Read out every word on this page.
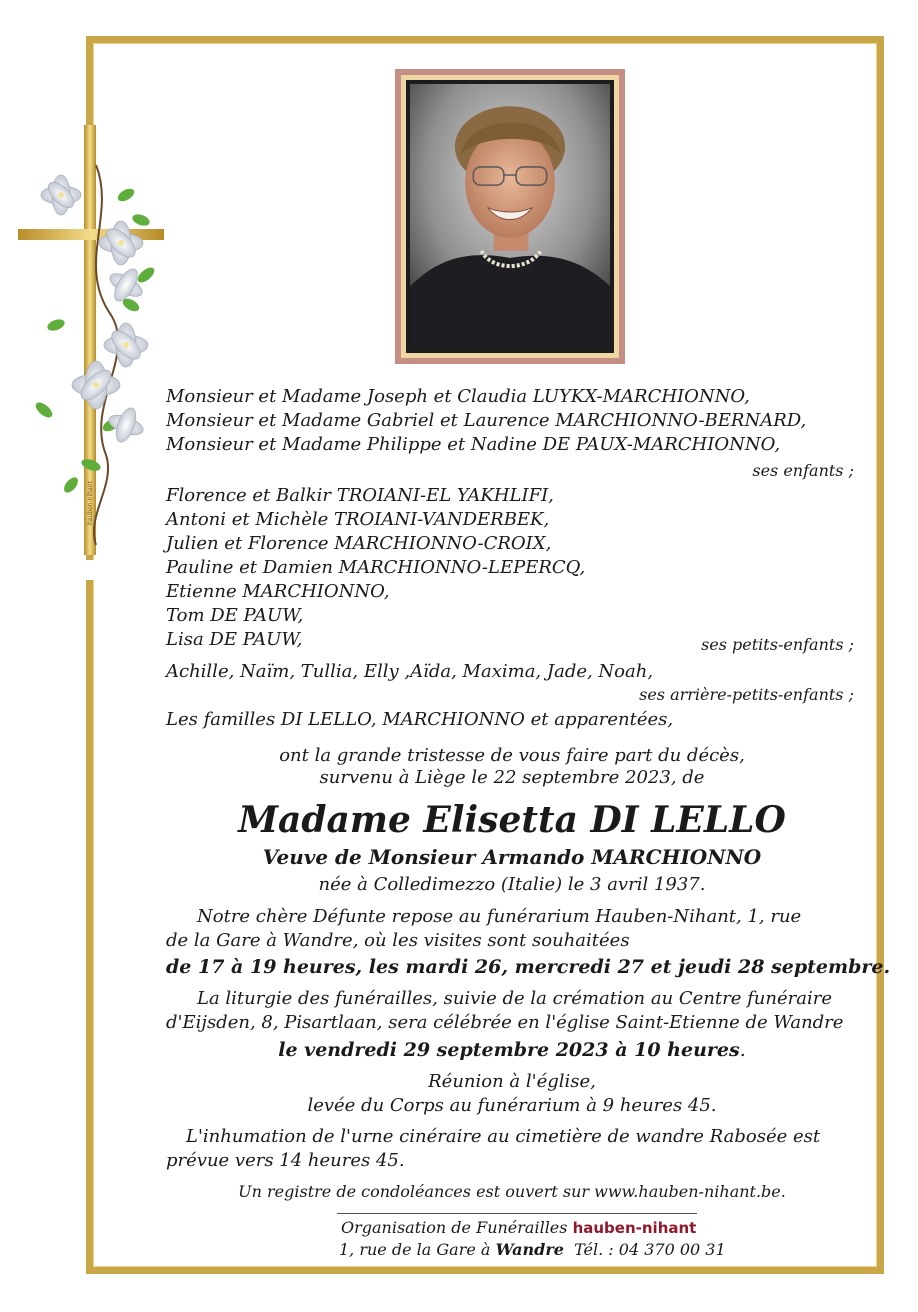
hauben-nihant
Monsieur et Madame Joseph et Claudia LUYKX-MARCHIONNO,
Monsieur et Madame Gabriel et Laurence MARCHIONNO-BERNARD,
Monsieur et Madame Philippe et Nadine DE PAUX-MARCHIONNO,
ses enfants ;
Florence et Balkir TROIANI-EL YAKHLIFI,
Antoni et Michèle TROIANI-VANDERBEK,
Julien et Florence MARCHIONNO-CROIX,
Pauline et Damien MARCHIONNO-LEPERCQ,
Etienne MARCHIONNO,
Tom DE PAUW,
Lisa DE PAUW,	ses petits-enfants ;
Achille, Naïm, Tullia, Elly ,Aïda, Maxima, Jade, Noah,
ses arrière-petits-enfants ;
Les familles DI LELLO, MARCHIONNO et apparentées,
ont la grande tristesse de vous faire part du décès,
survenu à Liège le 22 septembre 2023, de
Madame Elisetta DI LELLO
Veuve de Monsieur Armando MARCHIONNO
née à Colledimezzo (Italie) le 3 avril 1937.
Notre chère Défunte repose au funérarium Hauben-Nihant, 1, rue
de la Gare à Wandre, où les visites sont souhaitées
de 17 à 19 heures, les mardi 26, mercredi 27 et jeudi 28 septembre.
La liturgie des funérailles, suivie de la crémation au Centre funéraire
d'Eijsden, 8, Pisartlaan, sera célébrée en l'église Saint-Etienne de Wandre
le vendredi 29 septembre 2023 à 10 heures.
Réunion à l'église,
levée du Corps au funérarium à 9 heures 45.
L'inhumation de l'urne cinéraire au cimetière de wandre Rabosée est
prévue vers 14 heures 45.
Un registre de condoléances est ouvert sur www.hauben-nihant.be.
Organisation de Funérailles hauben-nihant
1, rue de la Gare à Wandre Tél. : 04 370 00 31
